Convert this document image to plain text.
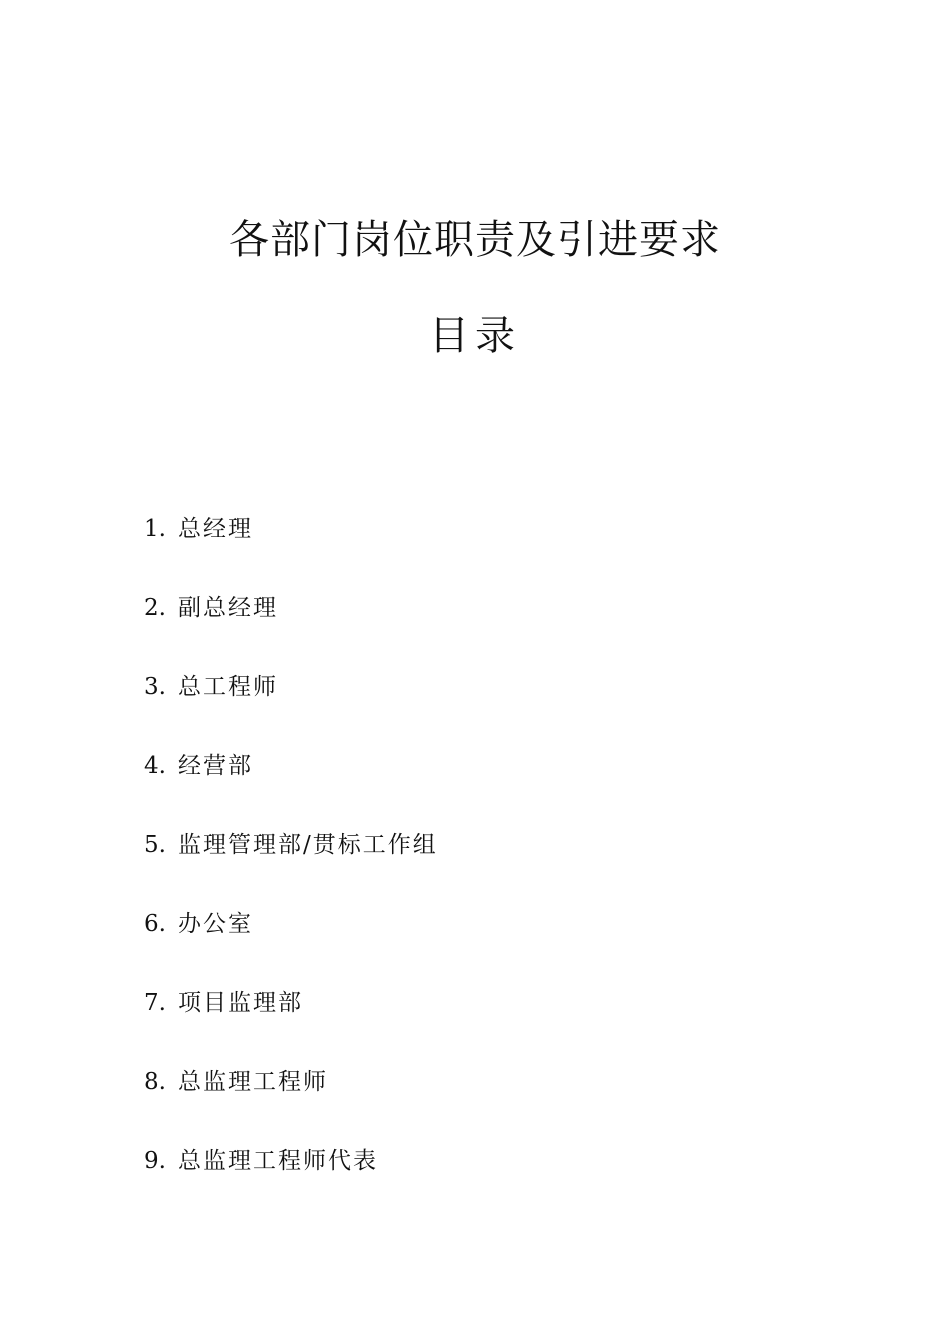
各部门岗位职责及引进要求
目录
1. 总经理
2. 副总经理
3. 总工程师
4. 经营部
5. 监理管理部/贯标工作组
6. 办公室
7. 项目监理部
8. 总监理工程师
9. 总监理工程师代表
